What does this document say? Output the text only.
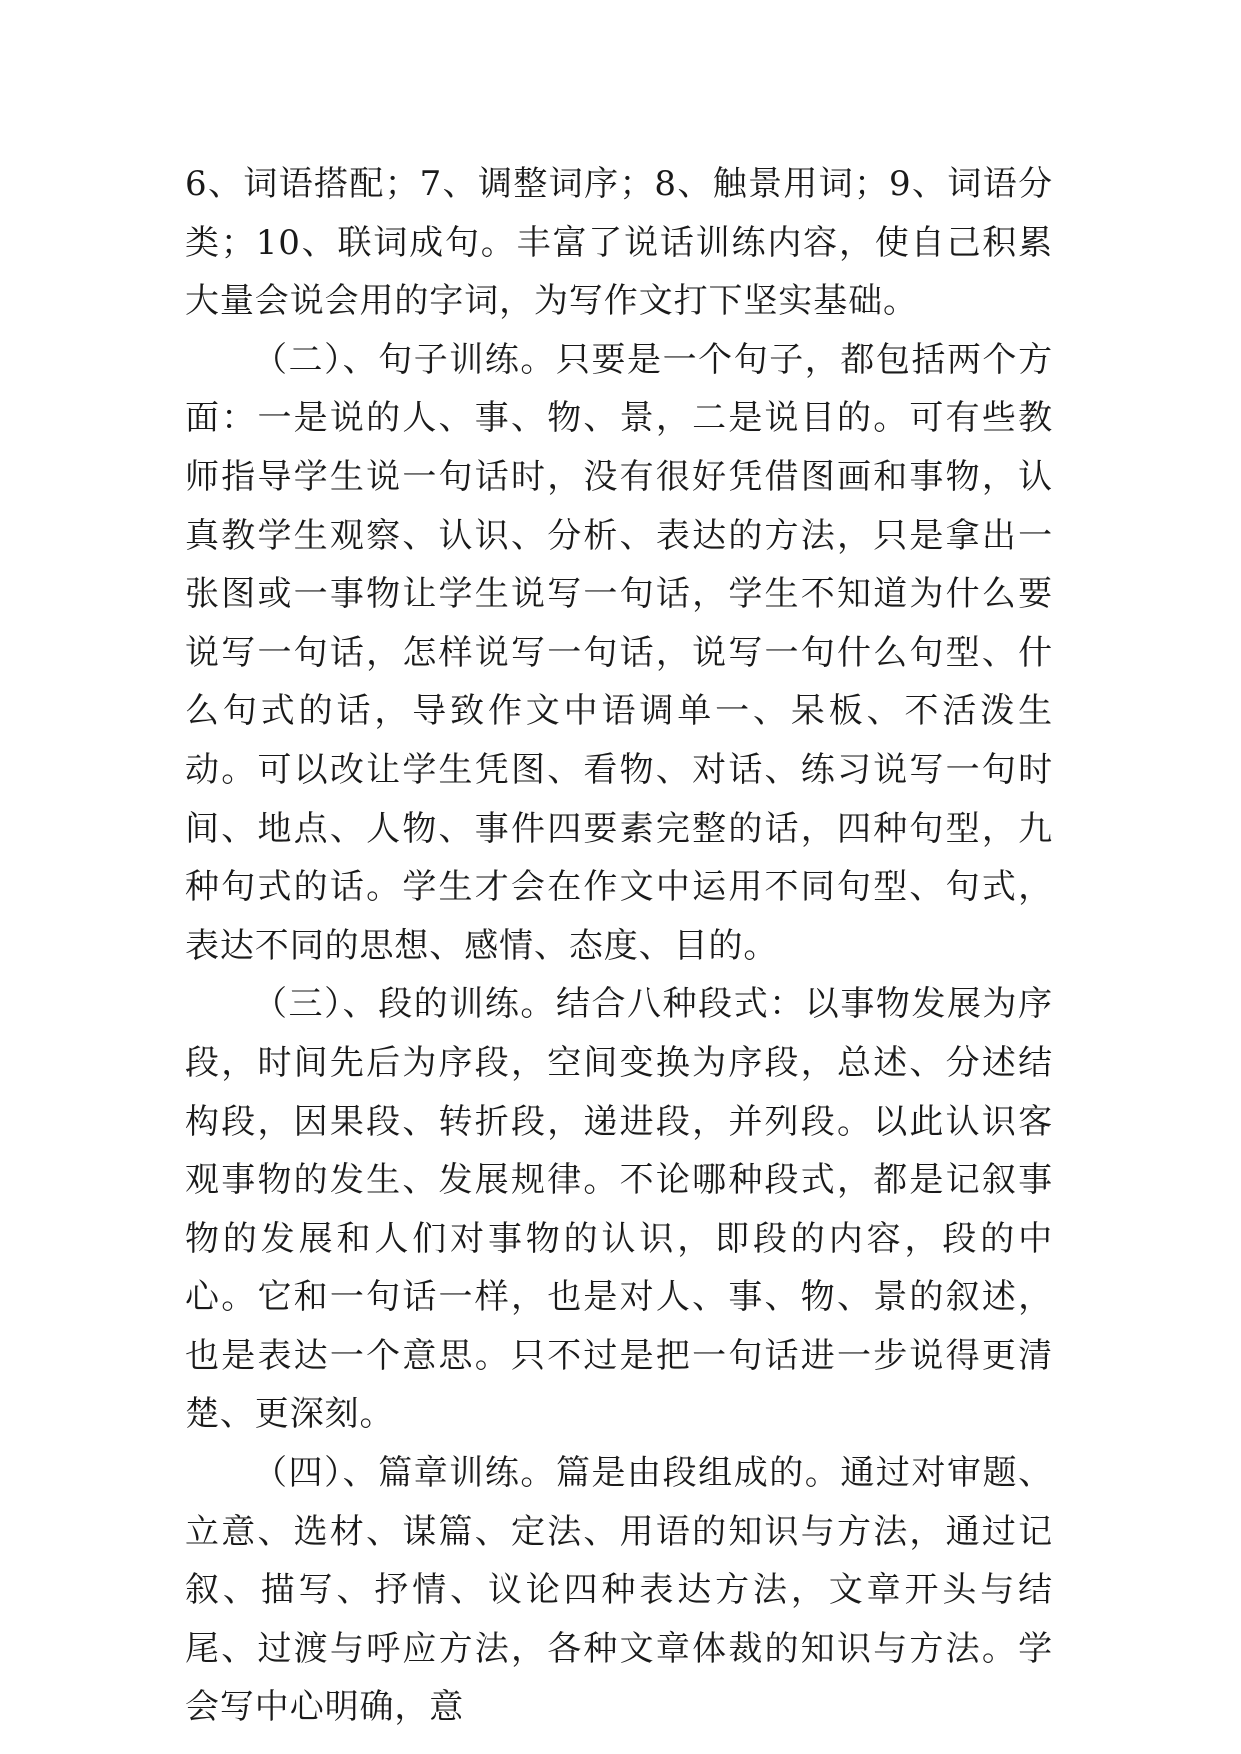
6、词语搭配；7、调整词序；8、触景用词；9、词语分类；10、联词成句。丰富了说话训练内容，使自己积累大量会说会用的字词，为写作文打下坚实基础。

（二）、句子训练。只要是一个句子，都包括两个方面：一是说的人、事、物、景，二是说目的。可有些教师指导学生说一句话时，没有很好凭借图画和事物，认真教学生观察、认识、分析、表达的方法，只是拿出一张图或一事物让学生说写一句话，学生不知道为什么要说写一句话，怎样说写一句话，说写一句什么句型、什么句式的话，导致作文中语调单一、呆板、不活泼生动。可以改让学生凭图、看物、对话、练习说写一句时间、地点、人物、事件四要素完整的话，四种句型，九种句式的话。学生才会在作文中运用不同句型、句式，表达不同的思想、感情、态度、目的。

（三）、段的训练。结合八种段式：以事物发展为序段，时间先后为序段，空间变换为序段，总述、分述结构段，因果段、转折段，递进段，并列段。以此认识客观事物的发生、发展规律。不论哪种段式，都是记叙事物的发展和人们对事物的认识，即段的内容，段的中心。它和一句话一样，也是对人、事、物、景的叙述，也是表达一个意思。只不过是把一句话进一步说得更清楚、更深刻。

（四）、篇章训练。篇是由段组成的。通过对审题、立意、选材、谋篇、定法、用语的知识与方法，通过记叙、描写、抒情、议论四种表达方法，文章开头与结尾、过渡与呼应方法，各种文章体裁的知识与方法。学会写中心明确，意
